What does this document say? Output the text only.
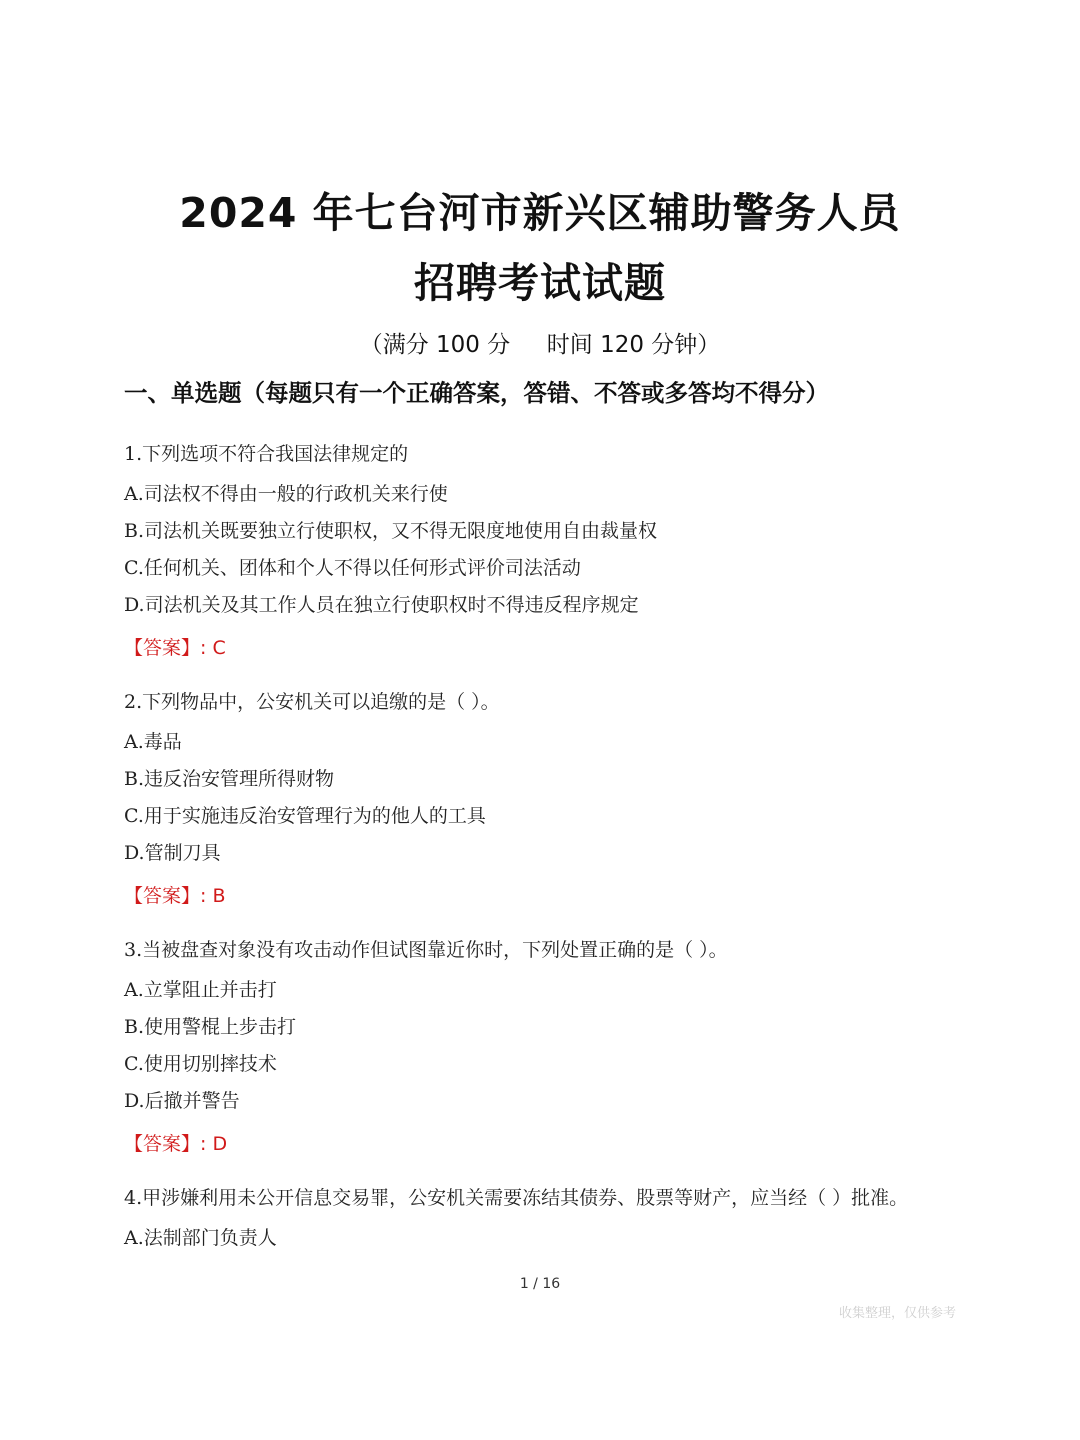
2024 年七台河市新兴区辅助警务人员
招聘考试试题
（满分 100 分     时间 120 分钟）
一、单选题（每题只有一个正确答案，答错、不答或多答均不得分）
1.下列选项不符合我国法律规定的
A.司法权不得由一般的行政机关来行使
B.司法机关既要独立行使职权，又不得无限度地使用自由裁量权
C.任何机关、团体和个人不得以任何形式评价司法活动
D.司法机关及其工作人员在独立行使职权时不得违反程序规定
【答案】: C
2.下列物品中，公安机关可以追缴的是（ ）。
A.毒品
B.违反治安管理所得财物
C.用于实施违反治安管理行为的他人的工具
D.管制刀具
【答案】: B
3.当被盘查对象没有攻击动作但试图靠近你时，下列处置正确的是（ ）。
A.立掌阻止并击打
B.使用警棍上步击打
C.使用切别摔技术
D.后撤并警告
【答案】: D
4.甲涉嫌利用未公开信息交易罪，公安机关需要冻结其债券、股票等财产，应当经（ ）批准。
A.法制部门负责人
1 / 16
收集整理，仅供参考
